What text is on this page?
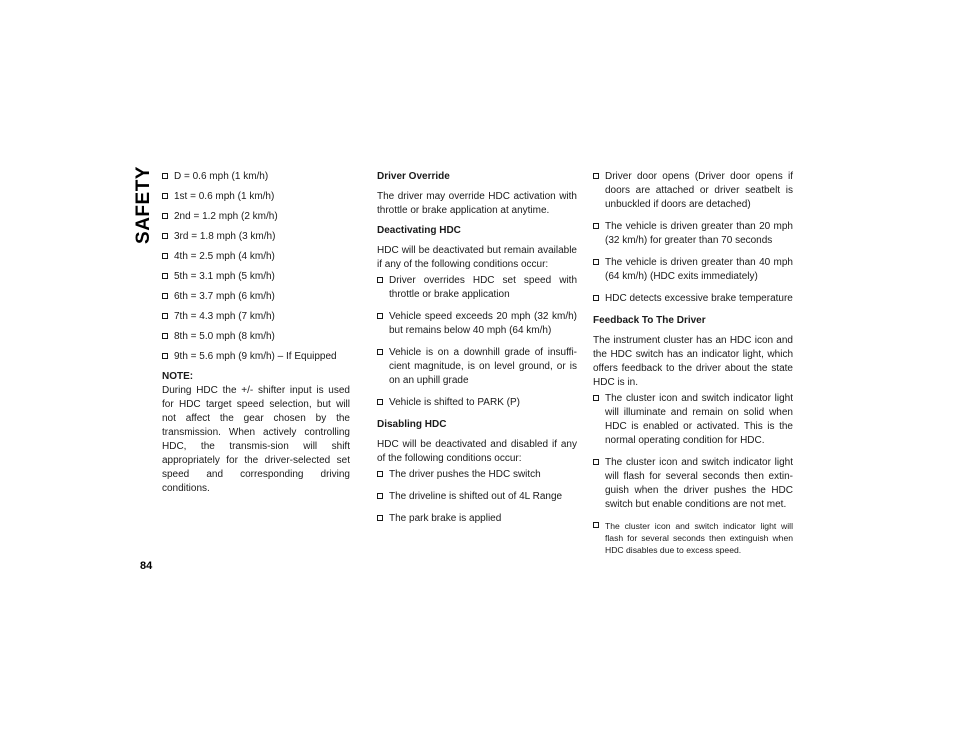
SAFETY
84
D = 0.6 mph (1 km/h)
1st = 0.6 mph (1 km/h)
2nd = 1.2 mph (2 km/h)
3rd = 1.8 mph (3 km/h)
4th = 2.5 mph (4 km/h)
5th = 3.1 mph (5 km/h)
6th = 3.7 mph (6 km/h)
7th = 4.3 mph (7 km/h)
8th = 5.0 mph (8 km/h)
9th = 5.6 mph (9 km/h) – If Equipped
NOTE:

During HDC the +/- shifter input is used for HDC target speed selection, but will not affect the gear chosen by the transmission. When actively controlling HDC, the transmis-sion will shift appropriately for the driver-selected set speed and corresponding driving conditions.

Driver Override

The driver may override HDC activation with throttle or brake application at anytime.

Deactivating HDC

HDC will be deactivated but remain available if any of the following conditions occur:

Driver overrides HDC set speed with throttle or brake application
Vehicle speed exceeds 20 mph (32 km/h) but remains below 40 mph (64 km/h)
Vehicle is on a downhill grade of insuffi-cient magnitude, is on level ground, or is on an uphill grade
Vehicle is shifted to PARK (P)
Disabling HDC

HDC will be deactivated and disabled if any of the following conditions occur:

The driver pushes the HDC switch
The driveline is shifted out of 4L Range
The park brake is applied
Driver door opens (Driver door opens if doors are attached or driver seatbelt is unbuckled if doors are detached)
The vehicle is driven greater than 20 mph (32 km/h) for greater than 70 seconds
The vehicle is driven greater than 40 mph (64 km/h) (HDC exits immediately)
HDC detects excessive brake temperature
Feedback To The Driver

The instrument cluster has an HDC icon and the HDC switch has an indicator light, which offers feedback to the driver about the state HDC is in.

The cluster icon and switch indicator light will illuminate and remain on solid when HDC is enabled or activated. This is the normal operating condition for HDC.
The cluster icon and switch indicator light will flash for several seconds then extin-guish when the driver pushes the HDC switch but enable conditions are not met.
The cluster icon and switch indicator light will flash for several seconds then extinguish when HDC disables due to excess speed.
